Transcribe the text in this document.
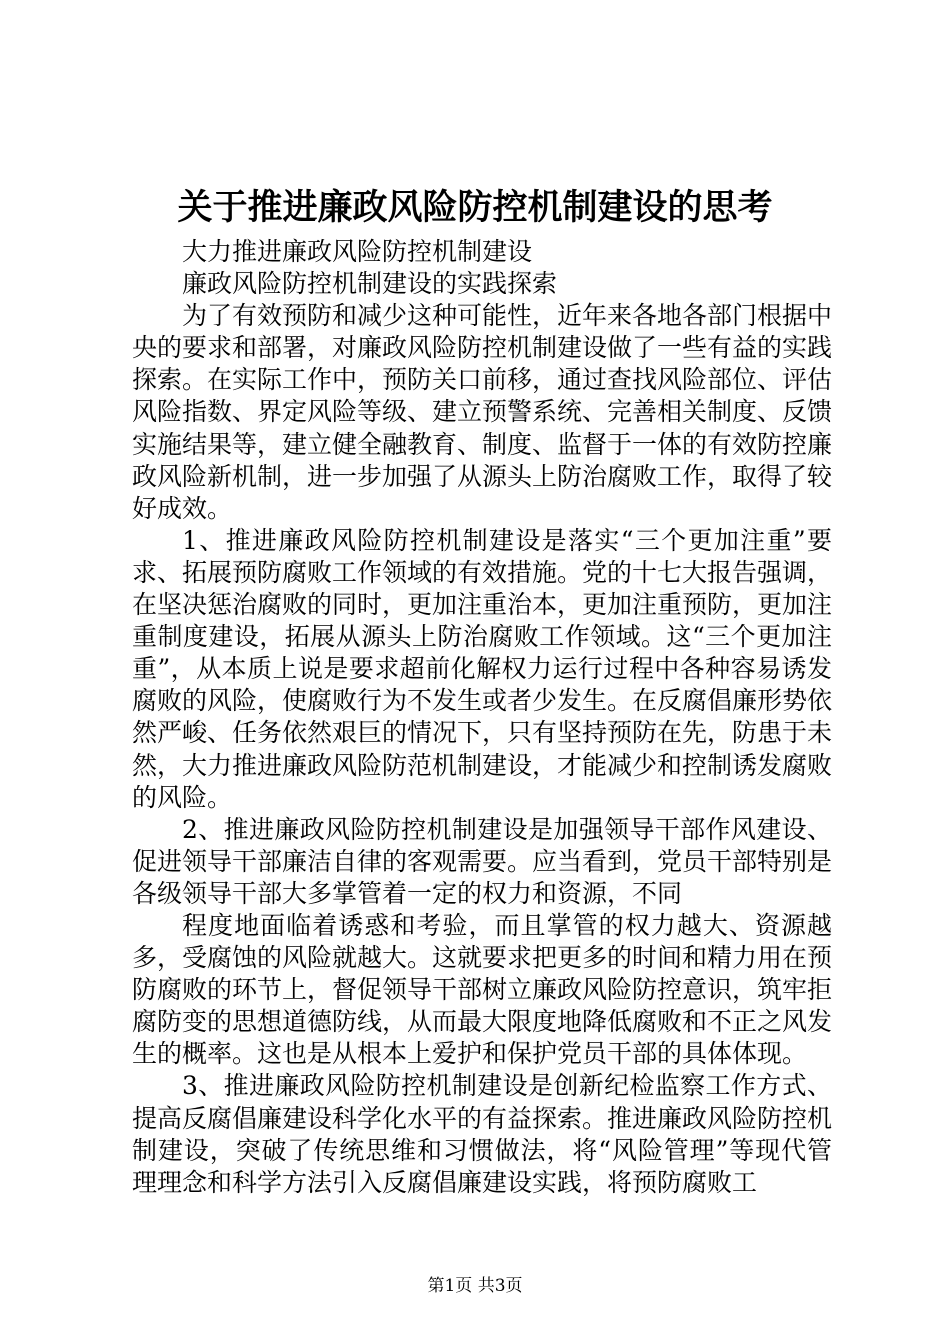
关于推进廉政风险防控机制建设的思考

大力推进廉政风险防控机制建设

廉政风险防控机制建设的实践探索

为了有效预防和减少这种可能性，近年来各地各部门根据中央的要求和部署，对廉政风险防控机制建设做了一些有益的实践探索。在实际工作中，预防关口前移，通过查找风险部位、评估风险指数、界定风险等级、建立预警系统、完善相关制度、反馈实施结果等，建立健全融教育、制度、监督于一体的有效防控廉政风险新机制，进一步加强了从源头上防治腐败工作，取得了较好成效。

1、推进廉政风险防控机制建设是落实“三个更加注重”要求、拓展预防腐败工作领域的有效措施。党的十七大报告强调，在坚决惩治腐败的同时，更加注重治本，更加注重预防，更加注重制度建设，拓展从源头上防治腐败工作领域。这“三个更加注重”，从本质上说是要求超前化解权力运行过程中各种容易诱发腐败的风险，使腐败行为不发生或者少发生。在反腐倡廉形势依然严峻、任务依然艰巨的情况下，只有坚持预防在先，防患于未然，大力推进廉政风险防范机制建设，才能减少和控制诱发腐败的风险。

2、推进廉政风险防控机制建设是加强领导干部作风建设、促进领导干部廉洁自律的客观需要。应当看到，党员干部特别是各级领导干部大多掌管着一定的权力和资源，不同

程度地面临着诱惑和考验，而且掌管的权力越大、资源越多，受腐蚀的风险就越大。这就要求把更多的时间和精力用在预防腐败的环节上，督促领导干部树立廉政风险防控意识，筑牢拒腐防变的思想道德防线，从而最大限度地降低腐败和不正之风发生的概率。这也是从根本上爱护和保护党员干部的具体体现。

3、推进廉政风险防控机制建设是创新纪检监察工作方式、提高反腐倡廉建设科学化水平的有益探索。推进廉政风险防控机制建设，突破了传统思维和习惯做法，将“风险管理”等现代管理理念和科学方法引入反腐倡廉建设实践，将预防腐败工

第1页 共3页
